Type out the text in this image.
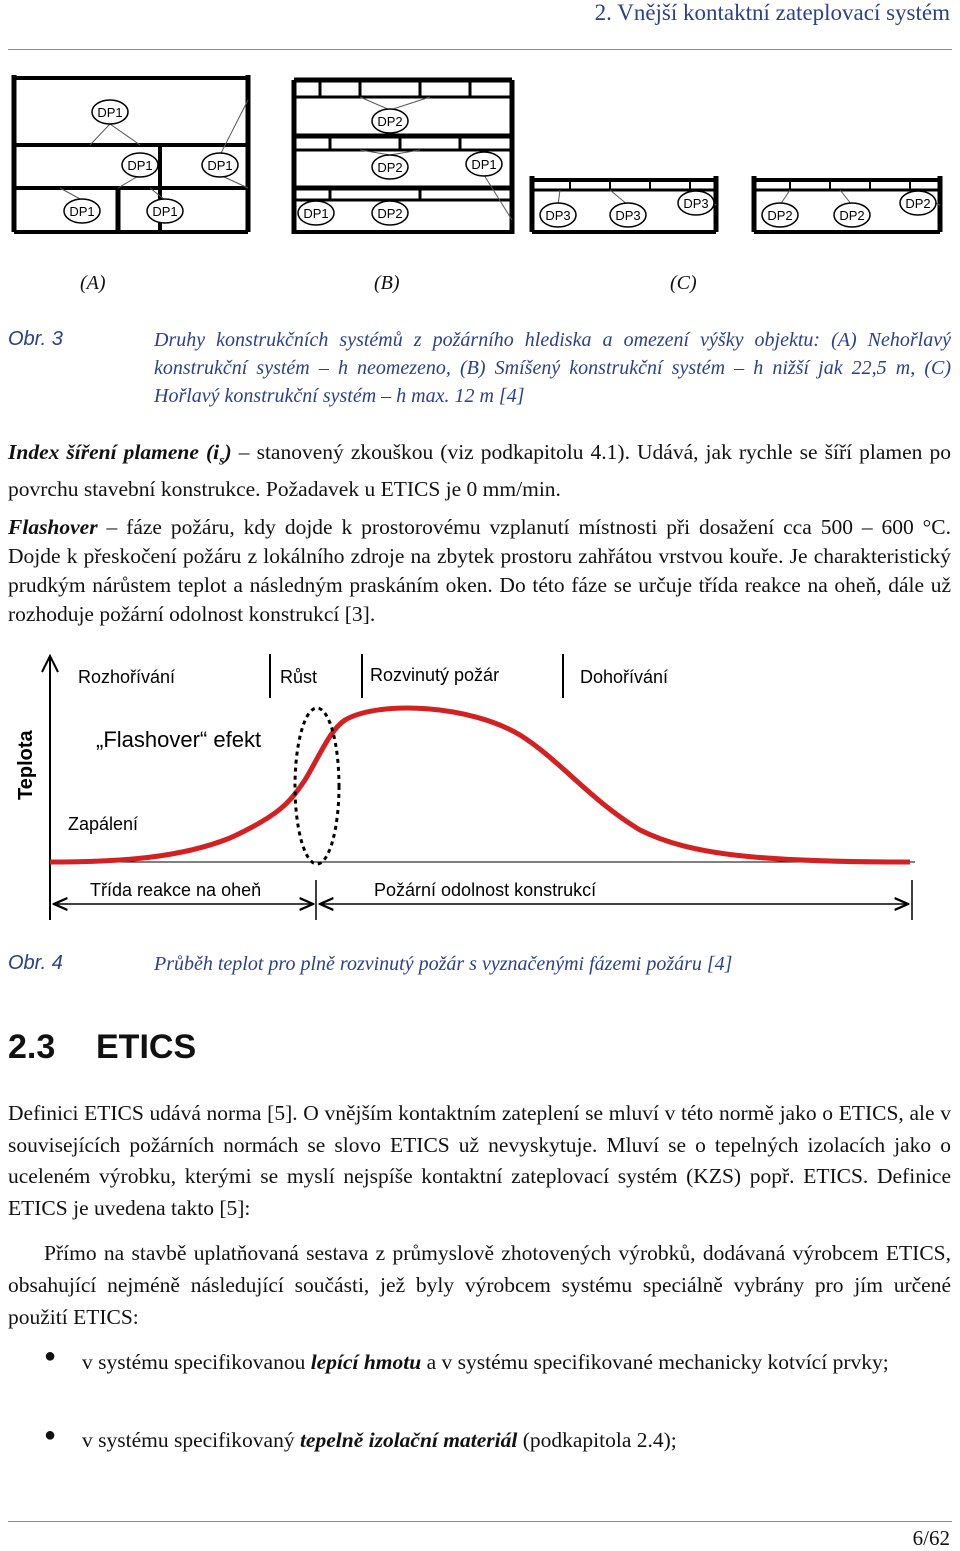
2. Vnější kontaktní zateplovací systém
DP1
DP1	DP1
DP1	DP1
DP2
DP2	DP1
DP1	DP2	DP3	DP3
DP3
DP2	DP2
DP2
(A)	(B)	(C)
Obr. 3	Druhy konstrukčních systémů z požárního hlediska a omezení výšky objektu: (A) Nehořlavý konstrukční systém – h neomezeno, (B) Smíšený konstrukční systém – h nižší jak 22,5 m, (C) Hořlavý konstrukční systém – h max. 12 m [4]
Index šíření plamene $(i_s)$ – stanovený zkouškou (viz podkapitolu 4.1). Udává, jak rychle se šíří plamen po povrchu stavební konstrukce. Požadavek u ETICS je 0 mm/min.
Flashover – fáze požáru, kdy dojde k prostorovému vzplanutí místnosti při dosažení cca 500 – 600 °C. Dojde k přeskočení požáru z lokálního zdroje na zbytek prostoru zahřátou vrstvou kouře. Je charakteristický prudkým nárůstem teplot a následným praskáním oken. Do této fáze se určuje třída reakce na oheň, dále už rozhoduje požární odolnost konstrukcí [3].
Rozhořívání	Růst	Rozvinutý požár	Dohořívání
Teplota	„Flashover“ efekt
Zapálení
Třída reakce na oheň	Požární odolnost konstrukcí
Obr. 4	Průběh teplot pro plně rozvinutý požár s vyznačenými fázemi požáru [4]
2.3 ETICS
Definici ETICS udává norma [5]. O vnějším kontaktním zateplení se mluví v této normě jako o ETICS, ale v souvisejících požárních normách se slovo ETICS už nevyskytuje. Mluví se o tepelných izolacích jako o uceleném výrobku, kterými se myslí nejspíše kontaktní zateplovací systém (KZS) popř. ETICS. Definice ETICS je uvedena takto [5]:
Přímo na stavbě uplatňovaná sestava z průmyslově zhotovených výrobků, dodávaná výrobcem ETICS, obsahující nejméně následující součásti, jež byly výrobcem systému speciálně vybrány pro jím určené použití ETICS:
● v systému specifikovanou lepící hmotu a v systému specifikované mechanicky kotvící prvky;
● v systému specifikovaný tepelně izolační materiál (podkapitola 2.4);
6/62
